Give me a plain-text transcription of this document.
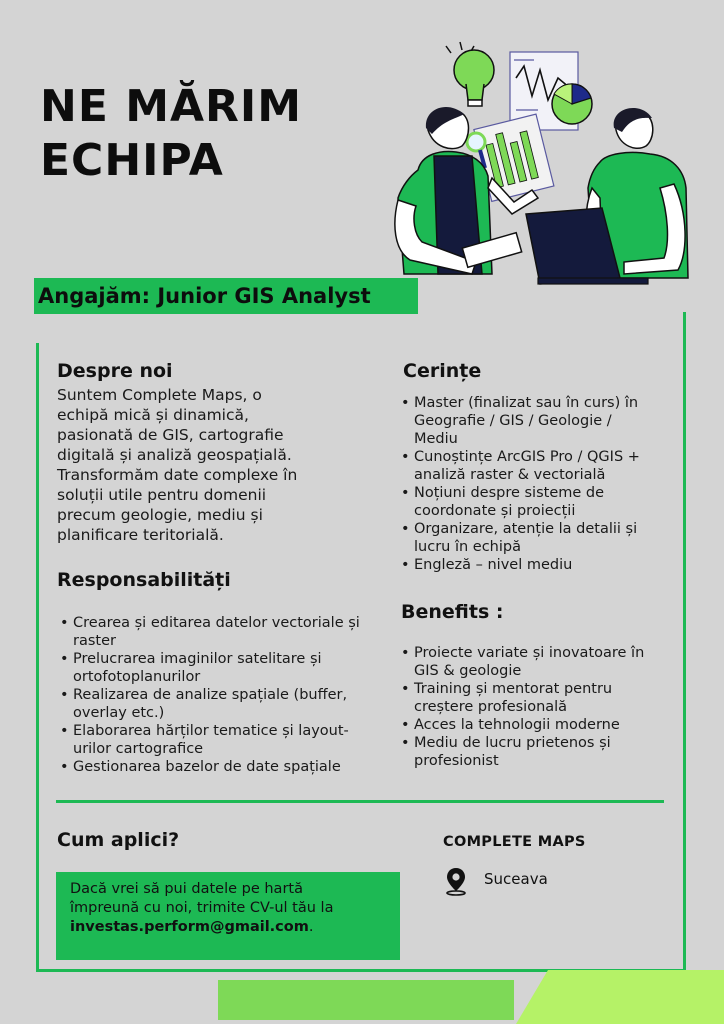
NE MĂRIM
ECHIPA
Angajăm: Junior GIS Analyst
Despre noi

Suntem Complete Maps, o
echipă mică și dinamică,
pasionată de GIS, cartografie
digitală și analiză geospațială.
Transformăm date complexe în
soluții utile pentru domenii
precum geologie, mediu și
planificare teritorială.

Responsabilități
• Crearea și editarea datelor vectoriale și
raster
• Prelucrarea imaginilor satelitare și
ortofotoplanurilor
• Realizarea de analize spațiale (buffer,
overlay etc.)
• Elaborarea hărților tematice și layout-
urilor cartografice
• Gestionarea bazelor de date spațiale
Cerințe
• Master (finalizat sau în curs) în
Geografie / GIS / Geologie /
Mediu
• Cunoștințe ArcGIS Pro / QGIS +
analiză raster & vectorială
• Noțiuni despre sisteme de
coordonate și proiecții
• Organizare, atenție la detalii și
lucru în echipă
• Engleză – nivel mediu
Benefits :
• Proiecte variate și inovatoare în
GIS & geologie
• Training și mentorat pentru
creștere profesională
• Acces la tehnologii moderne
• Mediu de lucru prietenos și
profesionist
Cum aplici?

Dacă vrei să pui datele pe hartă
împreună cu noi, trimite CV-ul tău la
investas.perform@gmail.com.

COMPLETE MAPS
Suceava
